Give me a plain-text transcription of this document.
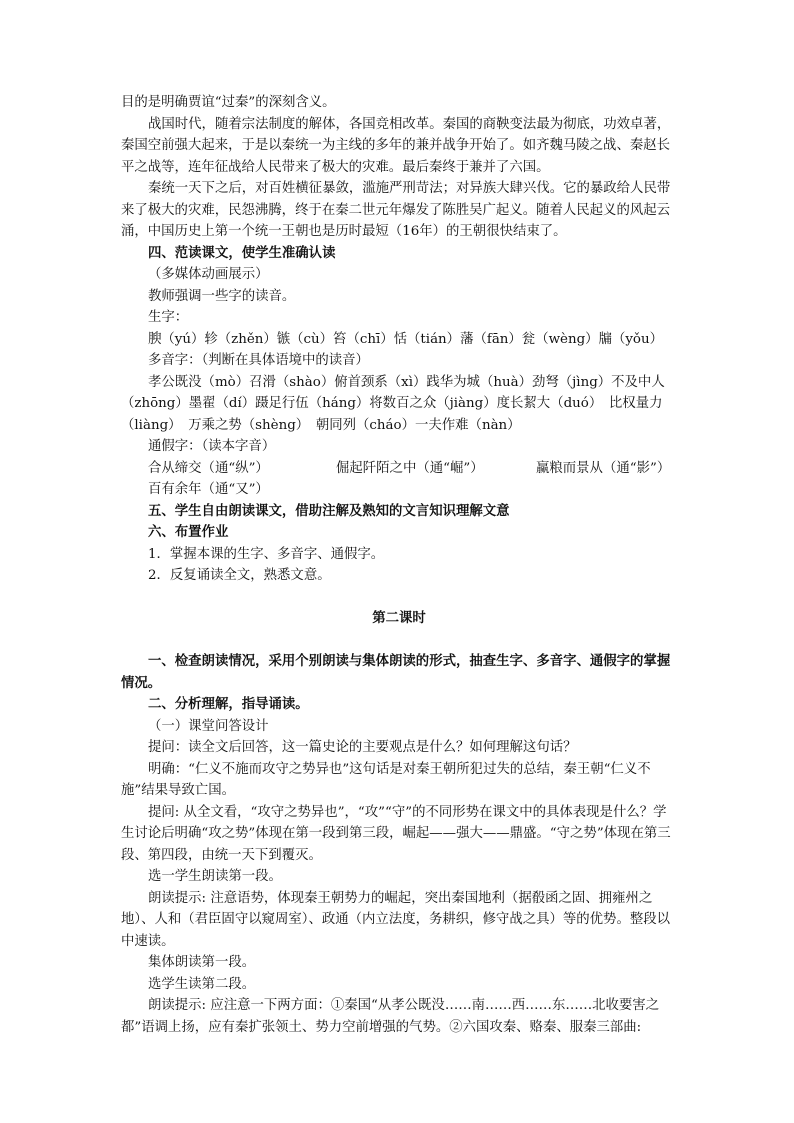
目的是明确贾谊“过秦”的深刻含义。

战国时代，随着宗法制度的解体，各国竞相改革。秦国的商鞅变法最为彻底，功效卓著，秦国空前强大起来，于是以秦统一为主线的多年的兼并战争开始了。如齐魏马陵之战、秦赵长平之战等，连年征战给人民带来了极大的灾难。最后秦终于兼并了六国。

秦统一天下之后，对百姓横征暴敛，滥施严刑苛法；对异族大肆兴伐。它的暴政给人民带来了极大的灾难，民怨沸腾，终于在秦二世元年爆发了陈胜吴广起义。随着人民起义的风起云涌，中国历史上第一个统一王朝也是历时最短（16年）的王朝很快结束了。

四、范读课文，使学生准确认读

（多媒体动画展示）

教师强调一些字的读音。

生字：

腴（yú）轸（zhěn）镞（cù）笞（chī）恬（tián）藩（fān）瓮（wèng）牖（yǒu）

多音字：（判断在具体语境中的读音）

孝公既没（mò）召滑（shào）俯首颈系（xì）践华为城（huà）劲弩（jìng）不及中人（zhōng）墨翟（dí）蹑足行伍（háng）将数百之众（jiàng）度长絜大（duó）　比权量力（liàng）　万乘之势（shèng）　朝同列（cháo）一夫作难（nàn）

通假字：（读本字音）

合从缔交（通“纵”）	倔起阡陌之中（通“崛”）	赢粮而景从（通“影”）

百有余年（通“又”）

五、学生自由朗读课文，借助注解及熟知的文言知识理解文意

六、布置作业

1．掌握本课的生字、多音字、通假字。

2．反复诵读全文，熟悉文意。

第二课时

一、检查朗读情况，采用个别朗读与集体朗读的形式，抽查生字、多音字、通假字的掌握情况。

二、分析理解，指导诵读。

（一）课堂问答设计

提问：读全文后回答，这一篇史论的主要观点是什么？如何理解这句话？

明确：“仁义不施而攻守之势异也”这句话是对秦王朝所犯过失的总结，秦王朝“仁义不施”结果导致亡国。

提问: 从全文看，“攻守之势异也”，“攻”“守”的不同形势在课文中的具体表现是什么？学生讨论后明确“攻之势”体现在第一段到第三段，崛起——强大——鼎盛。“守之势”体现在第三段、第四段，由统一天下到覆灭。

选一学生朗读第一段。

朗读提示: 注意语势，体现秦王朝势力的崛起，突出秦国地利（据殽函之固、拥雍州之地）、人和（君臣固守以窥周室）、政通（内立法度，务耕织，修守战之具）等的优势。整段以中速读。

集体朗读第一段。

选学生读第二段。

朗读提示: 应注意一下两方面：①秦国“从孝公既没……南……西……东……北收要害之都”语调上扬，应有秦扩张领土、势力空前增强的气势。②六国攻秦、赂秦、服秦三部曲:
